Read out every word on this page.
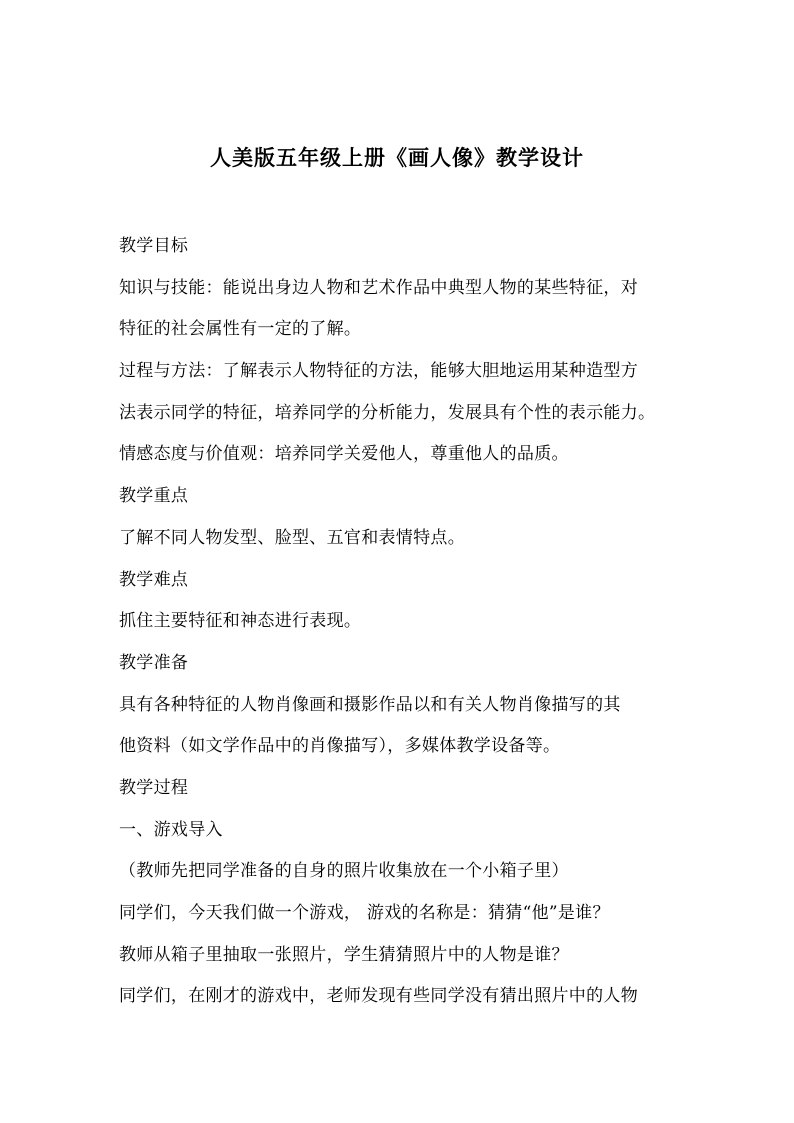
人美版五年级上册《画人像》教学设计
教学目标
知识与技能：能说出身边人物和艺术作品中典型人物的某些特征，对
特征的社会属性有一定的了解。
过程与方法：了解表示人物特征的方法，能够大胆地运用某种造型方
法表示同学的特征，培养同学的分析能力，发展具有个性的表示能力。
情感态度与价值观：培养同学关爱他人，尊重他人的品质。
教学重点
了解不同人物发型、脸型、五官和表情特点。
教学难点
抓住主要特征和神态进行表现。
教学准备
具有各种特征的人物肖像画和摄影作品以和有关人物肖像描写的其
他资料（如文学作品中的肖像描写），多媒体教学设备等。
教学过程
一、游戏导入
（教师先把同学准备的自身的照片收集放在一个小箱子里）
同学们，今天我们做一个游戏， 游戏的名称是：猜猜“他”是谁？
教师从箱子里抽取一张照片，学生猜猜照片中的人物是谁？
同学们，在刚才的游戏中，老师发现有些同学没有猜出照片中的人物
